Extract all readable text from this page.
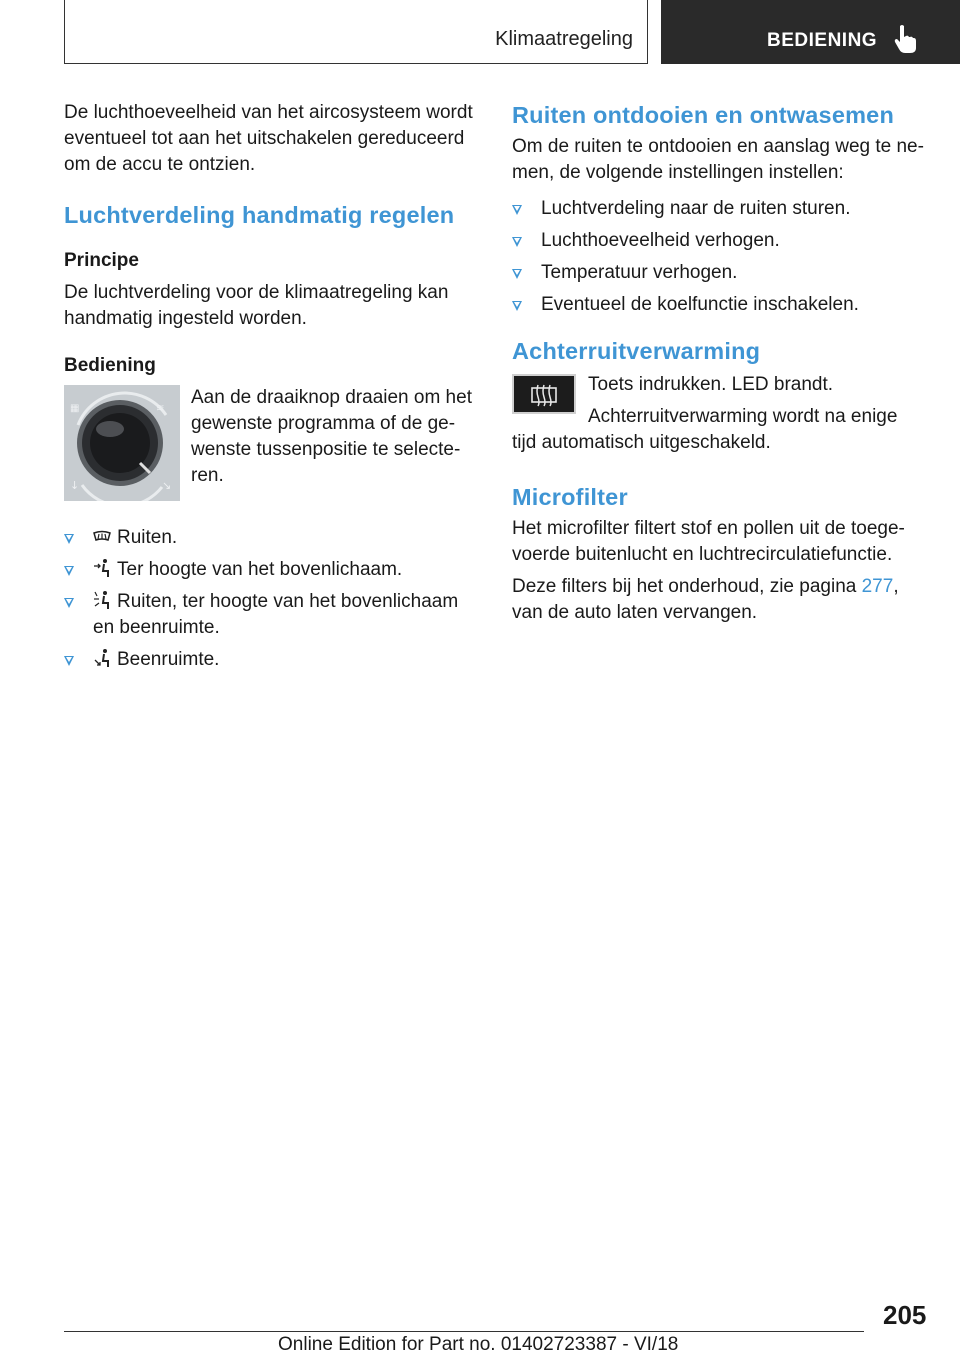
Klimaatregeling	BEDIENING

De luchthoeveelheid van het aircosysteem wordt eventueel tot aan het uitschakelen gereduceerd om de accu te ontzien.

Luchtverdeling handmatig regelen
Principe

De luchtverdeling voor de klimaatregeling kan handmatig ingesteld worden.

Bediening
≋
▦
↓	↘

Aan de draaiknop draaien om het gewenste programma of de gewenste tussenpositie te selecteren.

Ruiten.
Ter hoogte van het bovenlichaam.
Ruiten, ter hoogte van het bovenlichaam en beenruimte.
Beenruimte.
Ruiten ontdooien en ontwasemen

Om de ruiten te ontdooien en aanslag weg te nemen, de volgende instellingen instellen:

Luchtverdeling naar de ruiten sturen.
Luchthoeveelheid verhogen.
Temperatuur verhogen.
Eventueel de koelfunctie inschakelen.
Achterruitverwarming

Toets indrukken. LED brandt.

Achterruitverwarming wordt na enige tijd automatisch uitgeschakeld.

Microfilter

Het microfilter filtert stof en pollen uit de toegevoerde buitenlucht en luchtrecirculatiefunctie.

Deze filters bij het onderhoud, zie pagina 277, van de auto laten vervangen.

205
Online Edition for Part no. 01402723387 - VI/18
